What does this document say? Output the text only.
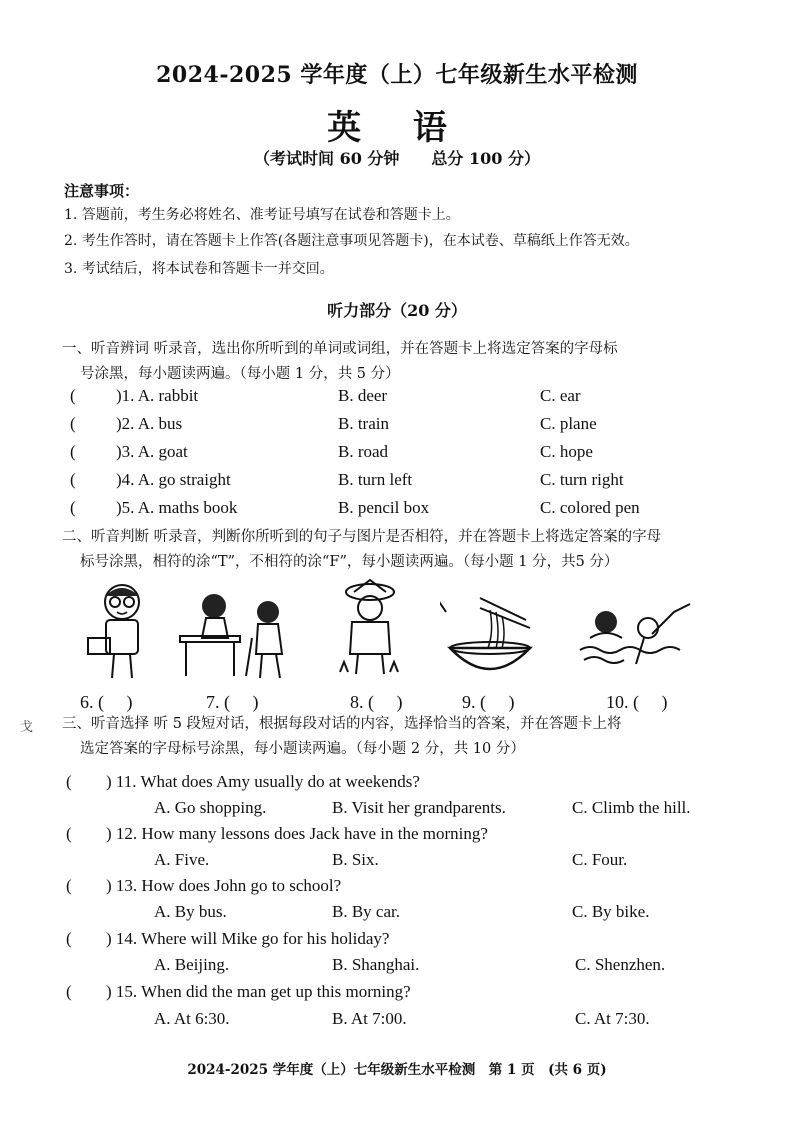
2024-2025 学年度（上）七年级新生水平检测
英 语
（考试时间 60 分钟　　总分 100 分）
注意事项：
1. 答题前，考生务必将姓名、准考证号填写在试卷和答题卡上。
2. 考生作答时，请在答题卡上作答(各题注意事项见答题卡)，在本试卷、草稿纸上作答无效。
3. 考试结后，将本试卷和答题卡一并交回。
听力部分（20 分）
一、听音辨词 听录音，选出你所听到的单词或词组，并在答题卡上将选定答案的字母标
号涂黑，每小题读两遍。（每小题 1 分，共 5 分）
( )1. A. rabbit	B. deer	C. ear
( )2. A. bus	B. train	C. plane
( )3. A. goat	B. road	C. hope
( )4. A. go straight	B. turn left	C. turn right
( )5. A. maths book	B. pencil box	C. colored pen
二、听音判断 听录音，判断你所听到的句子与图片是否相符，并在答题卡上将选定答案的字母
标号涂黑，相符的涂“T”，不相符的涂“F”，每小题读两遍。（每小题 1 分，共5 分）
6. (　 )	7. (　 )	8. (　 )	9. (　 )	10. (　 )
三、听音选择 听 5 段短对话，根据每段对话的内容，选择恰当的答案，并在答题卡上将
选定答案的字母标号涂黑，每小题读两遍。（每小题 2 分，共 10 分）
( ) 11. What does Amy usually do at weekends?
A. Go shopping.	B. Visit her grandparents.	C. Climb the hill.
( ) 12. How many lessons does Jack have in the morning?
A. Five.	B. Six.	C. Four.
( ) 13. How does John go to school?
A. By bus.	B. By car.	C. By bike.
( ) 14. Where will Mike go for his holiday?
A. Beijing.	B. Shanghai.	C. Shenzhen.
( ) 15. When did the man get up this morning?
A. At 6:30.	B. At 7:00.	C. At 7:30.
戈
2024-2025 学年度（上）七年级新生水平检测　第 1 页　(共 6 页)
